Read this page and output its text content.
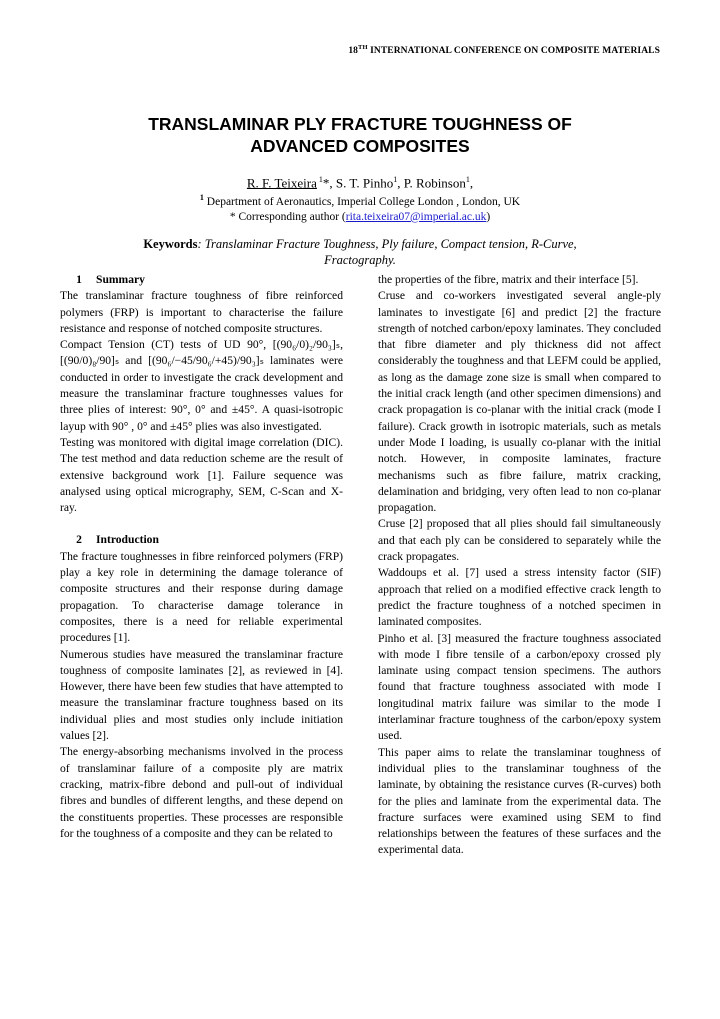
18TH INTERNATIONAL CONFERENCE ON COMPOSITE MATERIALS
TRANSLAMINAR PLY FRACTURE TOUGHNESS OF
ADVANCED COMPOSITES
R. F. Teixeira $^1$*, S. T. Pinho$^1$, P. Robinson$^1$,
$^1$ Department of Aeronautics, Imperial College London , London, UK
* Corresponding author (rita.teixeira07@imperial.ac.uk)
Keywords: Translaminar Fracture Toughness, Ply failure, Compact tension, R-Curve, Fractography.

1 Summary

The translaminar fracture toughness of fibre reinforced polymers (FRP) is important to characterise the failure resistance and response of notched composite structures.

Compact Tension (CT) tests of UD 90°, [(90₆/0)₂/90₃]ₛ, [(90/0)₈/90]ₛ and [(90₆/−45/90₆/+45)/90₃]ₛ laminates were conducted in order to investigate the crack development and measure the translaminar fracture toughnesses values for three plies of interest: 90°, 0° and ±45°. A quasi-isotropic layup with 90° , 0° and ±45° plies was also investigated.

Testing was monitored with digital image correlation (DIC). The test method and data reduction scheme are the result of extensive background work [1]. Failure sequence was analysed using optical micrography, SEM, C-Scan and X-ray.

2 Introduction

The fracture toughnesses in fibre reinforced polymers (FRP) play a key role in determining the damage tolerance of composite structures and their response during damage propagation. To characterise damage tolerance in composites, there is a need for reliable experimental procedures [1].

Numerous studies have measured the translaminar fracture toughness of composite laminates [2], as reviewed in [4]. However, there have been few studies that have attempted to measure the translaminar fracture toughness based on its individual plies and most studies only include initiation values [2].

The energy-absorbing mechanisms involved in the process of translaminar failure of a composite ply are matrix cracking, matrix-fibre debond and pull-out of individual fibres and bundles of different lengths, and these depend on the constituents properties. These processes are responsible for the toughness of a composite and they can be related to

the properties of the fibre, matrix and their interface [5].

Cruse and co-workers investigated several angle-ply laminates to investigate [6] and predict [2] the fracture strength of notched carbon/epoxy laminates. They concluded that fibre diameter and ply thickness did not affect considerably the toughness and that LEFM could be applied, as long as the damage zone size is small when compared to the initial crack length (and other specimen dimensions) and crack propagation is co-planar with the initial crack (mode I failure). Crack growth in isotropic materials, such as metals under Mode I loading, is usually co-planar with the initial notch. However, in composite laminates, fracture mechanisms such as fibre failure, matrix cracking, delamination and bridging, very often lead to non co-planar propagation.

Cruse [2] proposed that all plies should fail simultaneously and that each ply can be considered to separately while the crack propagates.

Waddoups et al. [7] used a stress intensity factor (SIF) approach that relied on a modified effective crack length to predict the fracture toughness of a notched specimen in laminated composites.

Pinho et al. [3] measured the fracture toughness associated with mode I fibre tensile of a carbon/epoxy crossed ply laminate using compact tension specimens. The authors found that fracture toughness associated with mode I longitudinal matrix failure was similar to the mode I interlaminar fracture toughness of the carbon/epoxy system used.

This paper aims to relate the translaminar toughness of individual plies to the translaminar toughness of the laminate, by obtaining the resistance curves (R-curves) both for the plies and laminate from the experimental data. The fracture surfaces were examined using SEM to find relationships between the features of these surfaces and the experimental data.
